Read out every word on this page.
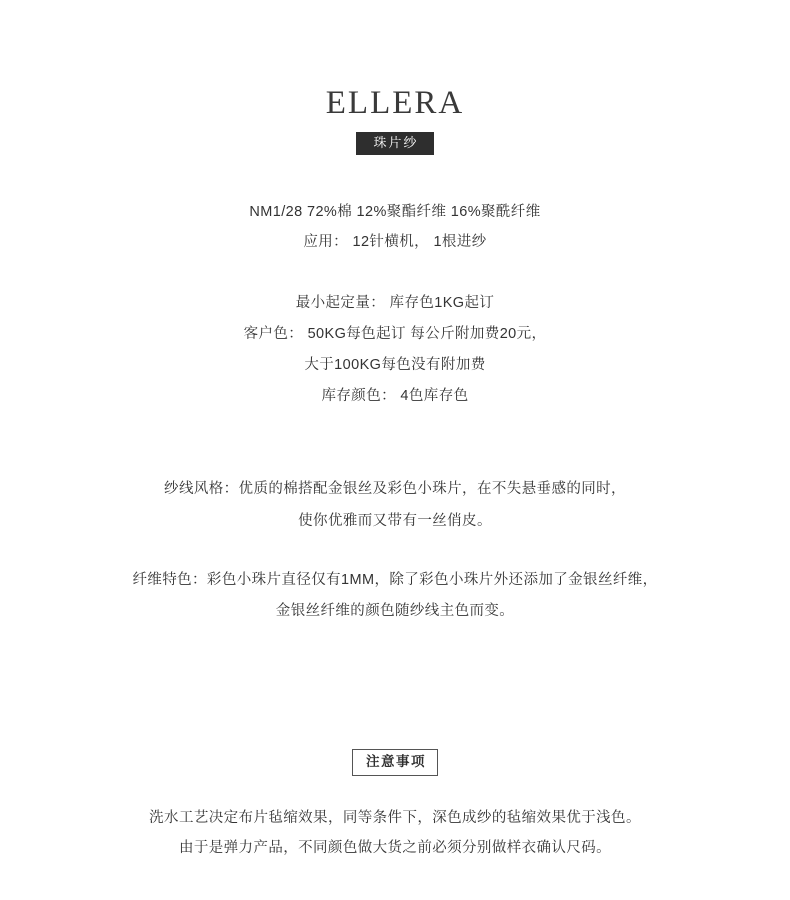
ELLERA
珠片纱
NM1/28 72%棉 12%聚酯纤维 16%聚酰纤维
应用： 12针横机， 1根进纱
最小起定量： 库存色1KG起订
客户色： 50KG每色起订 每公斤附加费20元，
大于100KG每色没有附加费
库存颜色： 4色库存色
纱线风格：优质的棉搭配金银丝及彩色小珠片，在不失悬垂感的同时，
使你优雅而又带有一丝俏皮。
纤维特色：彩色小珠片直径仅有1MM，除了彩色小珠片外还添加了金银丝纤维，
金银丝纤维的颜色随纱线主色而变。
注意事项
洗水工艺决定布片毡缩效果，同等条件下，深色成纱的毡缩效果优于浅色。
由于是弹力产品，不同颜色做大货之前必须分别做样衣确认尺码。
